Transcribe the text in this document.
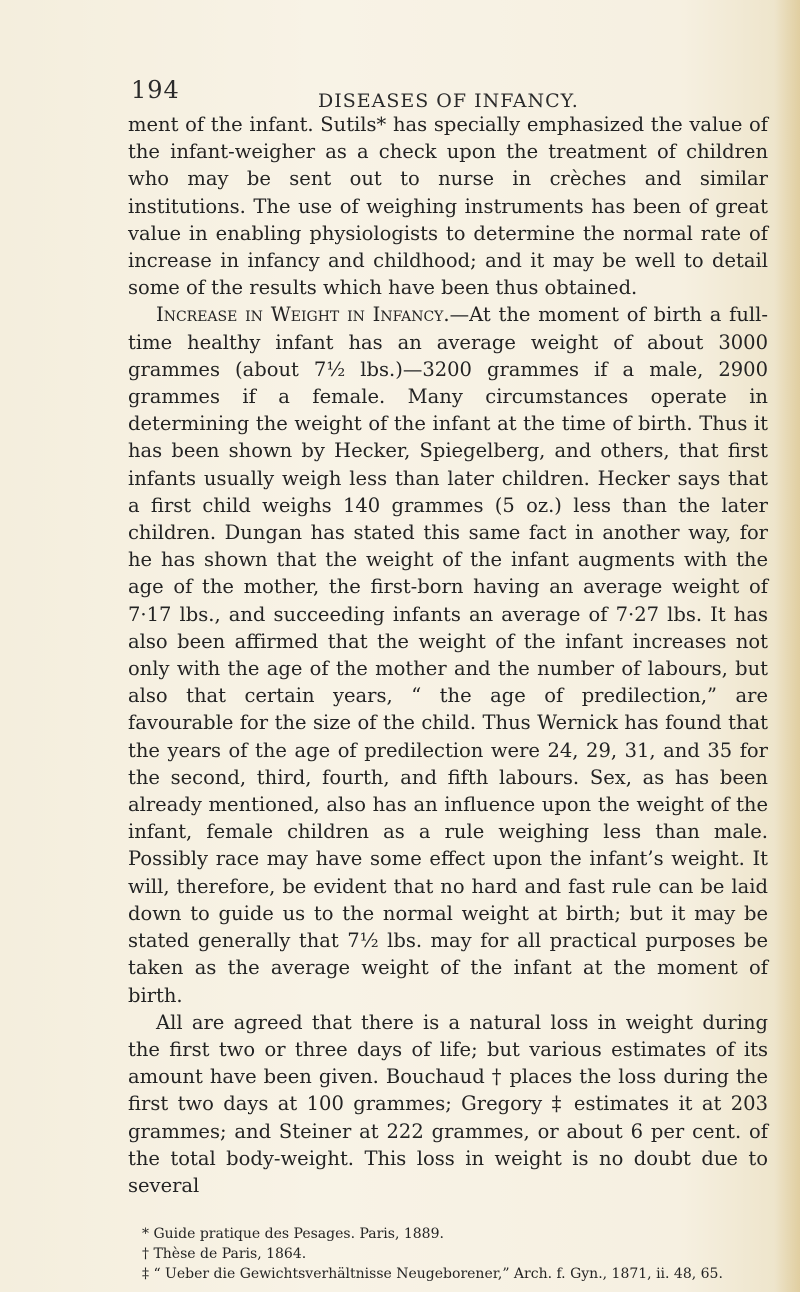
194	DISEASES OF INFANCY.

ment of the infant. Sutils* has specially emphasized the value of the infant-weigher as a check upon the treatment of children who may be sent out to nurse in crèches and similar institutions. The use of weighing instruments has been of great value in enabling physiologists to determine the normal rate of increase in infancy and childhood; and it may be well to detail some of the results which have been thus obtained.

Increase in Weight in Infancy.—At the moment of birth a full-time healthy infant has an average weight of about 3000 grammes (about 7½ lbs.)—3200 grammes if a male, 2900 grammes if a female. Many circumstances operate in determining the weight of the infant at the time of birth. Thus it has been shown by Hecker, Spiegelberg, and others, that first infants usually weigh less than later children. Hecker says that a first child weighs 140 grammes (5 oz.) less than the later children. Dungan has stated this same fact in another way, for he has shown that the weight of the infant augments with the age of the mother, the first-born having an average weight of 7·17 lbs., and succeeding infants an average of 7·27 lbs. It has also been affirmed that the weight of the infant increases not only with the age of the mother and the number of labours, but also that certain years, “ the age of predilection,” are favourable for the size of the child. Thus Wernick has found that the years of the age of predilection were 24, 29, 31, and 35 for the second, third, fourth, and fifth labours. Sex, as has been already mentioned, also has an influence upon the weight of the infant, female children as a rule weighing less than male. Possibly race may have some effect upon the infant’s weight. It will, therefore, be evident that no hard and fast rule can be laid down to guide us to the normal weight at birth; but it may be stated generally that 7½ lbs. may for all practical purposes be taken as the average weight of the infant at the moment of birth.

All are agreed that there is a natural loss in weight during the first two or three days of life; but various estimates of its amount have been given. Bouchaud † places the loss during the first two days at 100 grammes; Gregory ‡ estimates it at 203 grammes; and Steiner at 222 grammes, or about 6 per cent. of the total body-weight. This loss in weight is no doubt due to several

* Guide pratique des Pesages. Paris, 1889.

† Thèse de Paris, 1864.

‡ “ Ueber die Gewichtsverhältnisse Neugeborener,” Arch. f. Gyn., 1871, ii. 48, 65.
